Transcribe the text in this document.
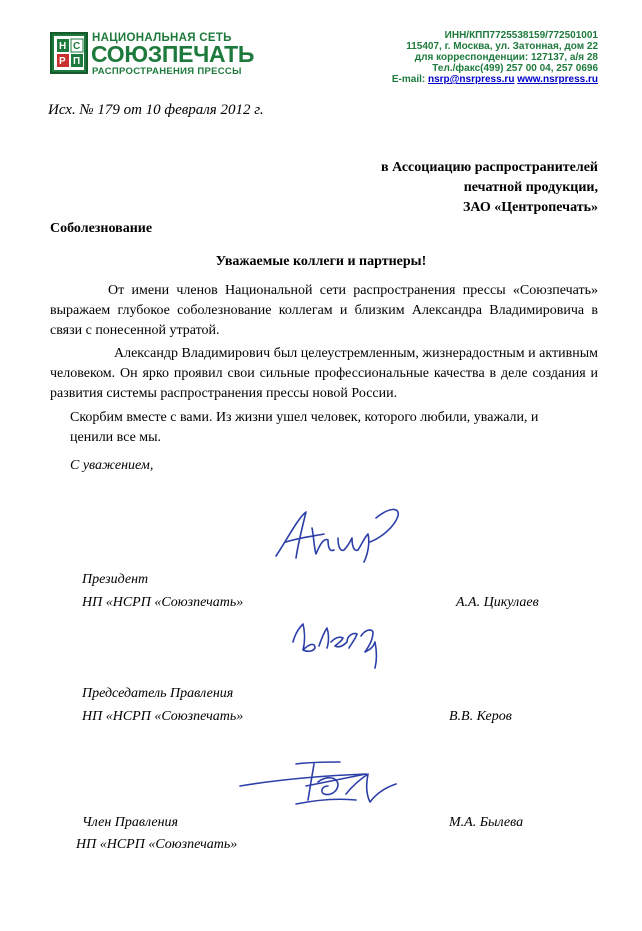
Н С
Р П
НАЦИОНАЛЬНАЯ СЕТЬ
СОЮЗПЕЧАТЬ
РАСПРОСТРАНЕНИЯ ПРЕССЫ
ИНН/КПП7725538159/772501001
115407, г. Москва, ул. Затонная, дом 22
для корреспонденции: 127137, а/я 28
Тел./факс(499) 257 00 04, 257 0696
E-mail: nsrp@nsrpress.ru www.nsrpress.ru
Исх. № 179 от 10 февраля 2012 г.
в Ассоциацию распространителей
печатной продукции,
ЗАО «Центропечать»
Соболезнование
Уважаемые коллеги и партнеры!
От имени членов Национальной сети распространения прессы «Союзпечать» выражаем глубокое соболезнование коллегам и близким Александра Владимировича в связи с понесенной утратой.
Александр Владимирович был целеустремленным, жизнерадостным и активным человеком. Он ярко проявил свои сильные профессиональные качества в деле создания и развития системы распространения прессы новой России.
Скорбим вместе с вами. Из жизни ушел человек, которого любили, уважали, и ценили все мы.
С уважением,
Президент
НП «НСРП «Союзпечать»	А.А. Цикулаев
Председатель Правления
НП «НСРП «Союзпечать»	В.В. Керов
Член Правления
НП «НСРП «Союзпечать»
М.А. Былева
